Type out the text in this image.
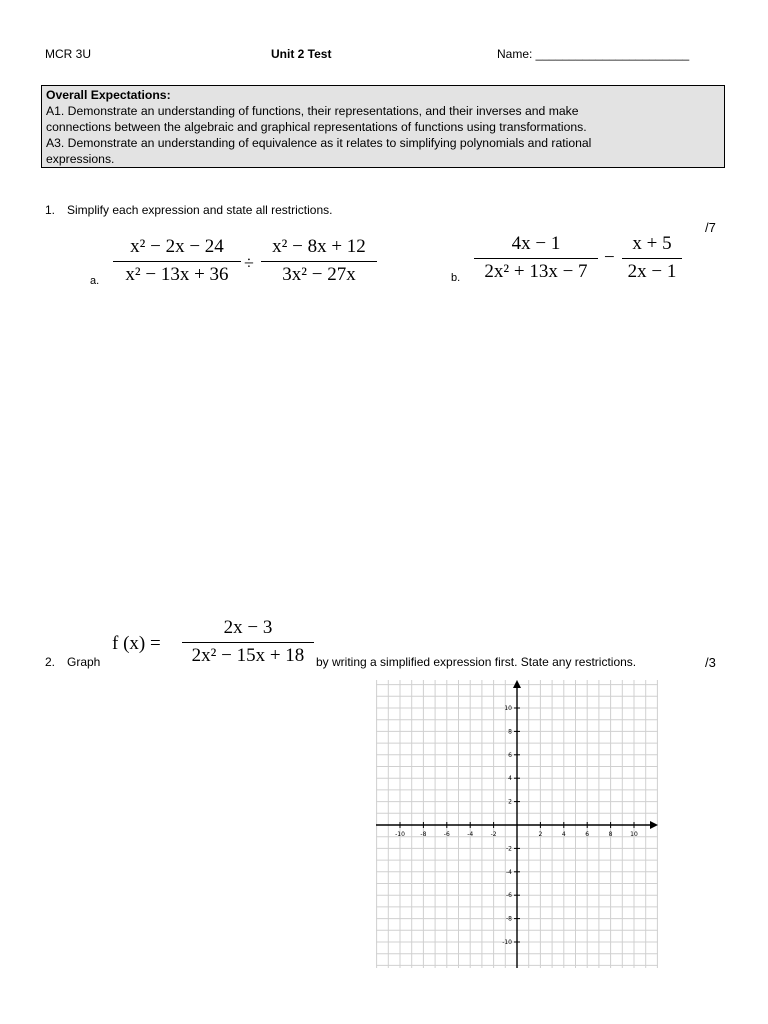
MCR 3U	Unit 2 Test	Name: _______________________
Overall Expectations:
A1. Demonstrate an understanding of functions, their representations, and their inverses and make
connections between the algebraic and graphical representations of functions using transformations.
A3. Demonstrate an understanding of equivalence as it relates to simplifying polynomials and rational
expressions.
1. Simplify each expression and state all restrictions.
/7
a.
x² − 2x − 24
x² − 13x + 36
÷
x² − 8x + 12
3x² − 27x	b.
4x − 1
2x² + 13x − 7
−
x + 5
2x − 1
2. Graph
f (x) =
2x − 3
2x² − 15x + 18 by writing a simplified expression first. State any restrictions.	/3
-10	-8	-6	-4	-2	2	4	6	8	10
10
8
6
4
2
-2
-4
-6
-8
-10
